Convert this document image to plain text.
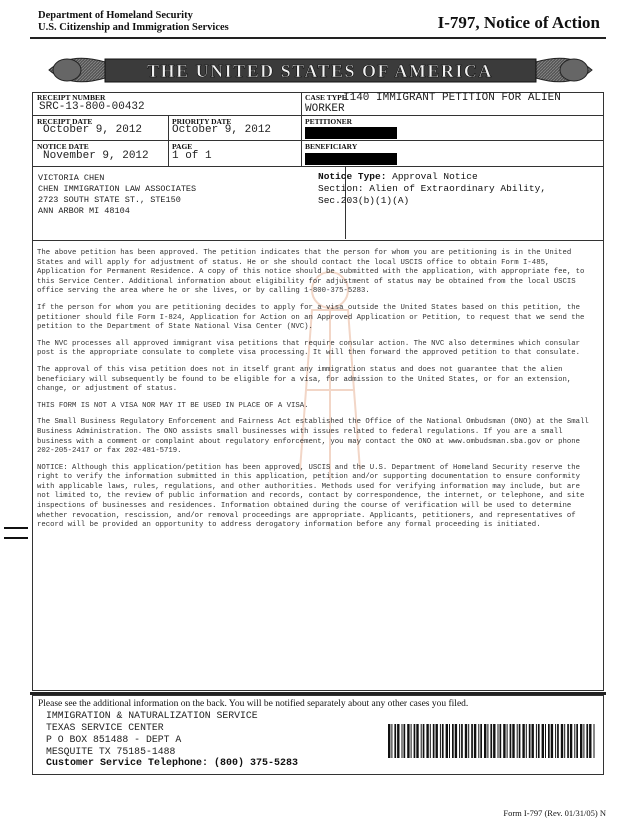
Department of Homeland Security
U.S. Citizenship and Immigration Services	I-797, Notice of Action
THE UNITED STATES OF AMERICA
RECEIPT NUMBER
SRC-13-800-00432
CASE TYPE
I140 IMMIGRANT PETITION FOR ALIEN
WORKER
RECEIPT DATE
October 9, 2012
PRIORITY DATE
October 9, 2012
PETITIONER
NOTICE DATE
November 9, 2012
PAGE
1 of 1
BENEFICIARY
VICTORIA CHEN
CHEN IMMIGRATION LAW ASSOCIATES
2723 SOUTH STATE ST., STE150
ANN ARBOR MI 48104
Notice Type: Approval Notice
Section: Alien of Extraordinary Ability,
Sec.203(b)(1)(A)

The above petition has been approved. The petition indicates that the person for whom you are petitioning is in the United States and will apply for adjustment of status. He or she should contact the local USCIS office to obtain Form I-485, Application for Permanent Residence. A copy of this notice should be submitted with the application, with appropriate fee, to this Service Center. Additional information about eligibility for adjustment of status may be obtained from the local USCIS office serving the area where he or she lives, or by calling 1-800-375-5283.

If the person for whom you are petitioning decides to apply for a visa outside the United States based on this petition, the petitioner should file Form I-824, Application for Action on an Approved Application or Petition, to request that we send the petition to the Department of State National Visa Center (NVC).

The NVC processes all approved immigrant visa petitions that require consular action. The NVC also determines which consular post is the appropriate consulate to complete visa processing. It will then forward the approved petition to that consulate.

The approval of this visa petition does not in itself grant any immigration status and does not guarantee that the alien beneficiary will subsequently be found to be eligible for a visa, for admission to the United States, or for an extension, change, or adjustment of status.

THIS FORM IS NOT A VISA NOR MAY IT BE USED IN PLACE OF A VISA.

The Small Business Regulatory Enforcement and Fairness Act established the Office of the National Ombudsman (ONO) at the Small Business Administration. The ONO assists small businesses with issues related to federal regulations. If you are a small business with a comment or complaint about regulatory enforcement, you may contact the ONO at www.ombudsman.sba.gov or phone 202-205-2417 or fax 202-481-5719.

NOTICE: Although this application/petition has been approved, USCIS and the U.S. Department of Homeland Security reserve the right to verify the information submitted in this application, petition and/or supporting documentation to ensure conformity with applicable laws, rules, regulations, and other authorities. Methods used for verifying information may include, but are not limited to, the review of public information and records, contact by correspondence, the internet, or telephone, and site inspections of businesses and residences. Information obtained during the course of verification will be used to determine whether revocation, rescission, and/or removal proceedings are appropriate. Applicants, petitioners, and representatives of record will be provided an opportunity to address derogatory information before any formal proceeding is initiated.

Please see the additional information on the back. You will be notified separately about any other cases you filed.
IMMIGRATION & NATURALIZATION SERVICE
TEXAS SERVICE CENTER
P O BOX 851488 - DEPT A
MESQUITE TX 75185-1488
Customer Service Telephone: (800) 375-5283
Form I-797 (Rev. 01/31/05) N
